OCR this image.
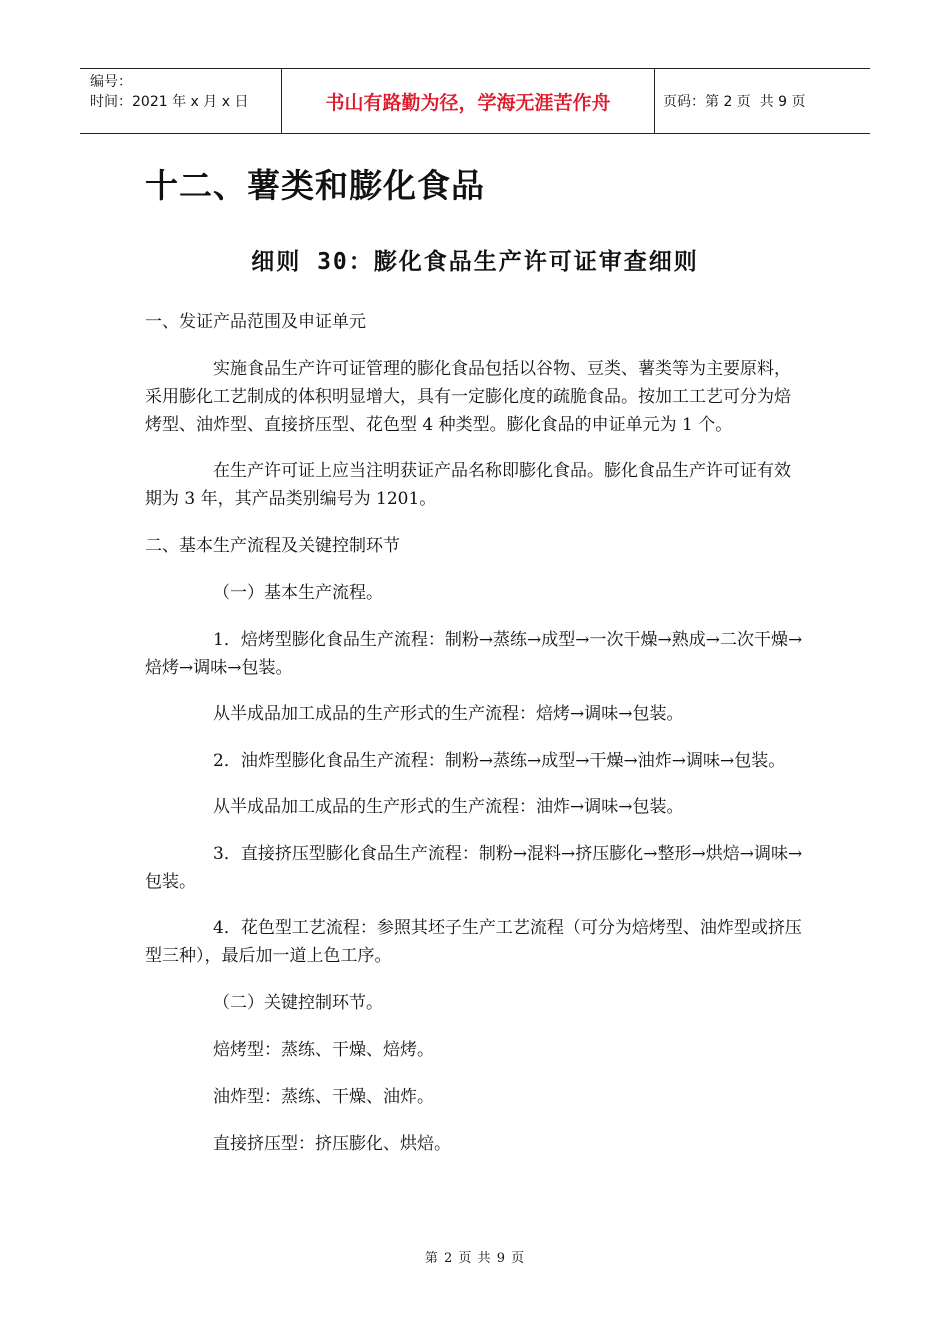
编号：
时间：2021 年 x 月 x 日	书山有路勤为径，学海无涯苦作舟	页码：第 2 页  共 9 页
十二、薯类和膨化食品
细则 30：膨化食品生产许可证审查细则

一、发证产品范围及申证单元

实施食品生产许可证管理的膨化食品包括以谷物、豆类、薯类等为主要原料，采用膨化工艺制成的体积明显增大，具有一定膨化度的疏脆食品。按加工工艺可分为焙烤型、油炸型、直接挤压型、花色型 4 种类型。膨化食品的申证单元为 1 个。

在生产许可证上应当注明获证产品名称即膨化食品。膨化食品生产许可证有效期为 3 年，其产品类别编号为 1201。

二、基本生产流程及关键控制环节

（一）基本生产流程。

1．焙烤型膨化食品生产流程：制粉→蒸练→成型→一次干燥→熟成→二次干燥→焙烤→调味→包装。

从半成品加工成品的生产形式的生产流程：焙烤→调味→包装。

2．油炸型膨化食品生产流程：制粉→蒸练→成型→干燥→油炸→调味→包装。

从半成品加工成品的生产形式的生产流程：油炸→调味→包装。

3．直接挤压型膨化食品生产流程：制粉→混料→挤压膨化→整形→烘焙→调味→包装。

4．花色型工艺流程：参照其坯子生产工艺流程（可分为焙烤型、油炸型或挤压型三种），最后加一道上色工序。

（二）关键控制环节。

焙烤型：蒸练、干燥、焙烤。

油炸型：蒸练、干燥、油炸。

直接挤压型：挤压膨化、烘焙。

第 2 页 共 9 页
